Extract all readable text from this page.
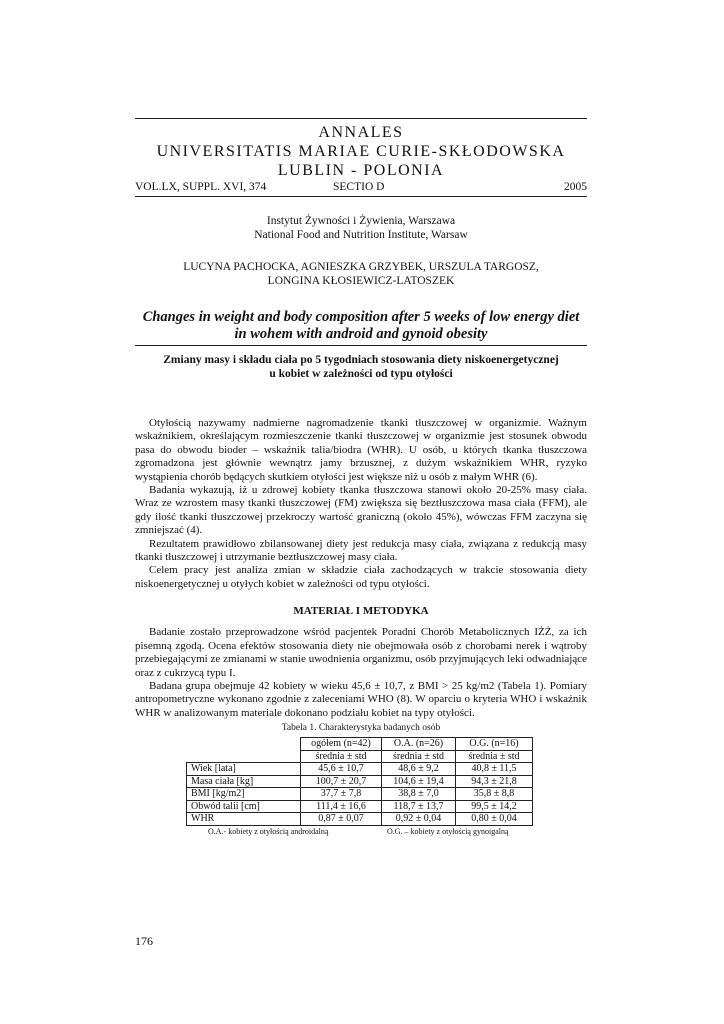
ANNALES
UNIVERSITATIS MARIAE CURIE-SKŁODOWSKA
LUBLIN - POLONIA
VOL.LX, SUPPL. XVI, 374	SECTIO D	2005
Instytut Żywności i Żywienia, Warszawa
National Food and Nutrition Institute, Warsaw
LUCYNA PACHOCKA, AGNIESZKA GRZYBEK, URSZULA TARGOSZ,
LONGINA KŁOSIEWICZ-LATOSZEK
Changes in weight and body composition after 5 weeks of low energy diet
in wohem with android and gynoid obesity
Zmiany masy i składu ciała po 5 tygodniach stosowania diety niskoenergetycznej
u kobiet w zależności od typu otyłości

Otyłością nazywamy nadmierne nagromadzenie tkanki tłuszczowej w organizmie. Ważnym wskaźnikiem, określającym rozmieszczenie tkanki tłuszczowej w organizmie jest stosunek obwodu pasa do obwodu bioder – wskaźnik talia/biodra (WHR). U osób, u których tkanka tłuszczowa zgromadzona jest głównie wewnątrz jamy brzusznej, z dużym wskaźnikiem WHR, ryzyko wystąpienia chorób będących skutkiem otyłości jest większe niż u osób z małym WHR (6).

Badania wykazują, iż u zdrowej kobiety tkanka tłuszczowa stanowi około 20-25% masy ciała. Wraz ze wzrostem masy tkanki tłuszczowej (FM) zwiększa się beztłuszczowa masa ciała (FFM), ale gdy ilość tkanki tłuszczowej przekroczy wartość graniczną (około 45%), wówczas FFM zaczyna się zmniejszać (4).

Rezultatem prawidłowo zbilansowanej diety jest redukcja masy ciała, związana z redukcją masy tkanki tłuszczowej i utrzymanie beztłuszczowej masy ciała.

Celem pracy jest analiza zmian w składzie ciała zachodzących w trakcie stosowania diety niskoenergetycznej u otyłych kobiet w zależności od typu otyłości.

MATERIAŁ I METODYKA

Badanie zostało przeprowadzone wśród pacjentek Poradni Chorób Metabolicznych IŻŻ, za ich pisemną zgodą. Ocena efektów stosowania diety nie obejmowała osób z chorobami nerek i wątroby przebiegającymi ze zmianami w stanie uwodnienia organizmu, osób przyjmujących leki odwadniające oraz z cukrzycą typu I.

Badana grupa obejmuje 42 kobiety w wieku 45,6 ± 10,7, z BMI > 25 kg/m2 (Tabela 1). Pomiary antropometryczne wykonano zgodnie z zaleceniami WHO (8). W oparciu o kryteria WHO i wskaźnik WHR w analizowanym materiale dokonano podziału kobiet na typy otyłości.

Tabela 1. Charakterystyka badanych osób
	ogółem (n=42)	O.A. (n=26)	O.G. (n=16)
	średnia ± std	średnia ± std	średnia ± std
Wiek [lata]	45,6 ± 10,7	48,6 ± 9,2	40,8 ± 11,5
Masa ciała [kg]	100,7 ± 20,7	104,6 ± 19,4	94,3 ± 21,8
BMI [kg/m2]	37,7 ± 7,8	38,8 ± 7,0	35,8 ± 8,8
Obwód talii [cm]	111,4 ± 16,6	118,7 ± 13,7	99,5 ± 14,2
WHR	0,87 ± 0,07	0,92 ± 0,04	0,80 ± 0,04
O.A.- kobiety z otyłością androidalną	O.G. – kobiety z otyłością gynoigalną
176
